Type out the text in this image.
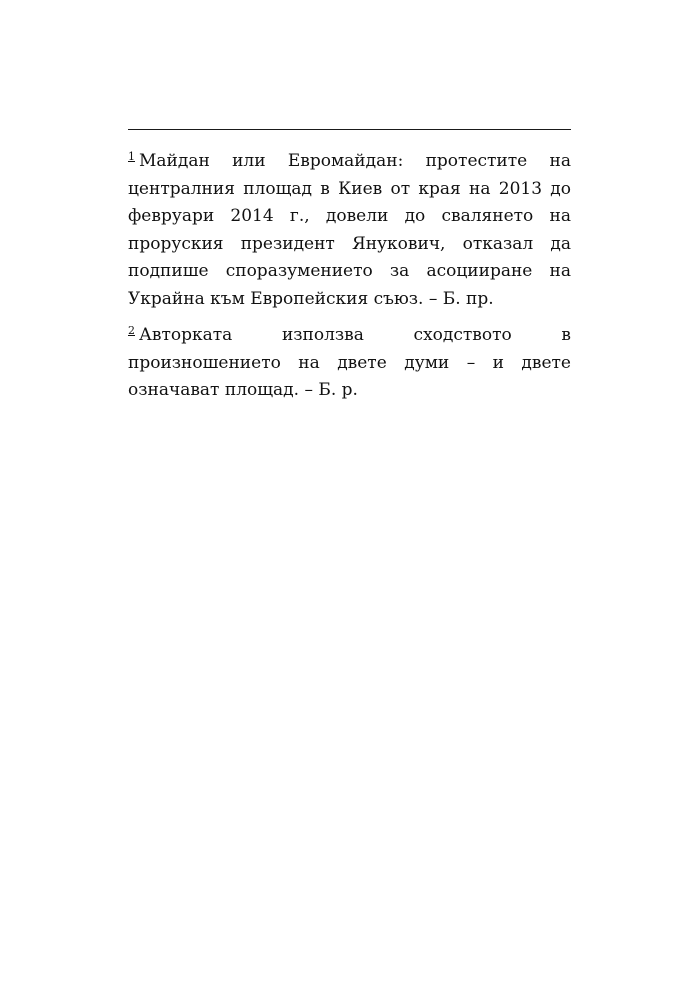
$^1$ Майдан или Евромайдан: протестите на централния площад в Киев от края на 2013 до февруари 2014 г., довели до свалянето на проруския президент Янукович, отказал да подпише споразумението за асоцииране на Украйна към Европейския съюз. – Б. пр.

$^2$ Авторката използва сходството в произношението на двете думи – и двете означават площад. – Б. р.
